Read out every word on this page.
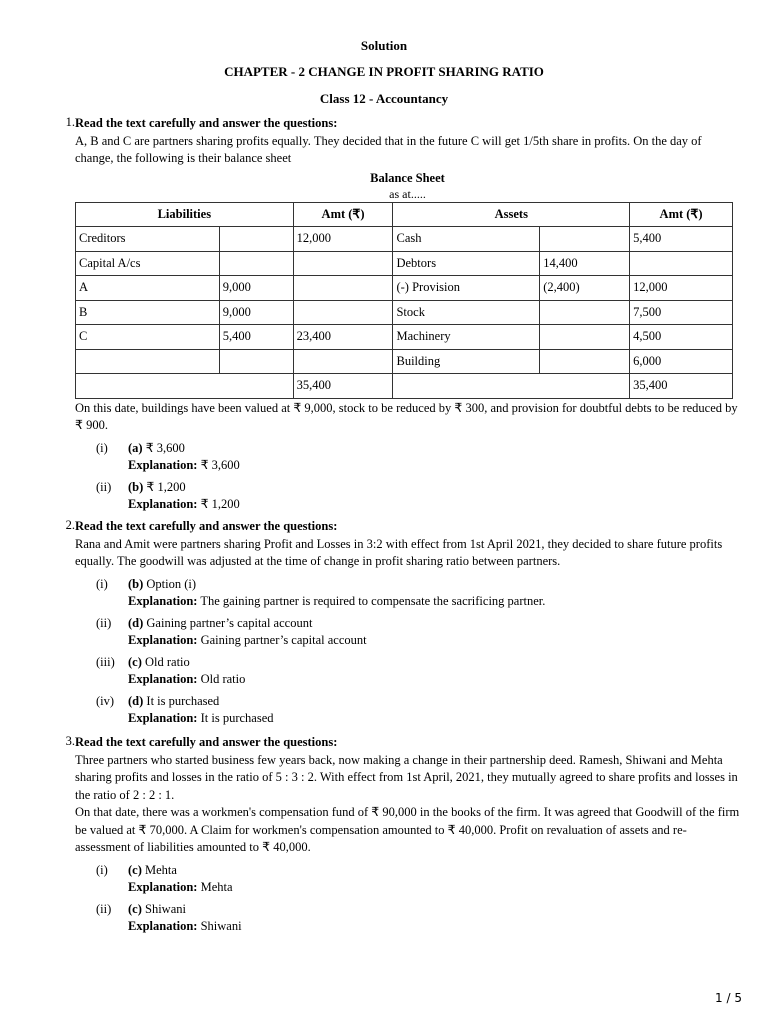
Solution
CHAPTER - 2 CHANGE IN PROFIT SHARING RATIO
Class 12 - Accountancy
1. Read the text carefully and answer the questions:
A, B and C are partners sharing profits equally. They decided that in the future C will get 1/5th share in profits. On the day of change, the following is their balance sheet
Balance Sheet
as at.....
Liabilities		Amt (₹)	Assets		Amt (₹)
Creditors		12,000	Cash		5,400
Capital A/cs			Debtors	14,400	
A	9,000		(-) Provision	(2,400)	12,000
B	9,000		Stock		7,500
C	5,400	23,400	Machinery		4,500
			Building		6,000
		35,400			35,400
On this date, buildings have been valued at ₹ 9,000, stock to be reduced by ₹ 300, and provision for doubtful debts to be reduced by ₹ 900.
(i) (a) ₹ 3,600
Explanation: ₹ 3,600
(ii) (b) ₹ 1,200
Explanation: ₹ 1,200
2. Read the text carefully and answer the questions:
Rana and Amit were partners sharing Profit and Losses in 3:2 with effect from 1st April 2021, they decided to share future profits equally. The goodwill was adjusted at the time of change in profit sharing ratio between partners.
(i) (b) Option (i)
Explanation: The gaining partner is required to compensate the sacrificing partner.
(ii) (d) Gaining partner’s capital account
Explanation: Gaining partner’s capital account
(iii) (c) Old ratio
Explanation: Old ratio
(iv) (d) It is purchased
Explanation: It is purchased
3. Read the text carefully and answer the questions:
Three partners who started business few years back, now making a change in their partnership deed. Ramesh, Shiwani and Mehta sharing profits and losses in the ratio of 5 : 3 : 2. With effect from 1st April, 2021, they mutually agreed to share profits and losses in the ratio of 2 : 2 : 1.
On that date, there was a workmen's compensation fund of ₹ 90,000 in the books of the firm. It was agreed that Goodwill of the firm be valued at ₹ 70,000. A Claim for workmen's compensation amounted to ₹ 40,000. Profit on revaluation of assets and re-assessment of liabilities amounted to ₹ 40,000.
(i) (c) Mehta
Explanation: Mehta
(ii) (c) Shiwani
Explanation: Shiwani
1 / 5
